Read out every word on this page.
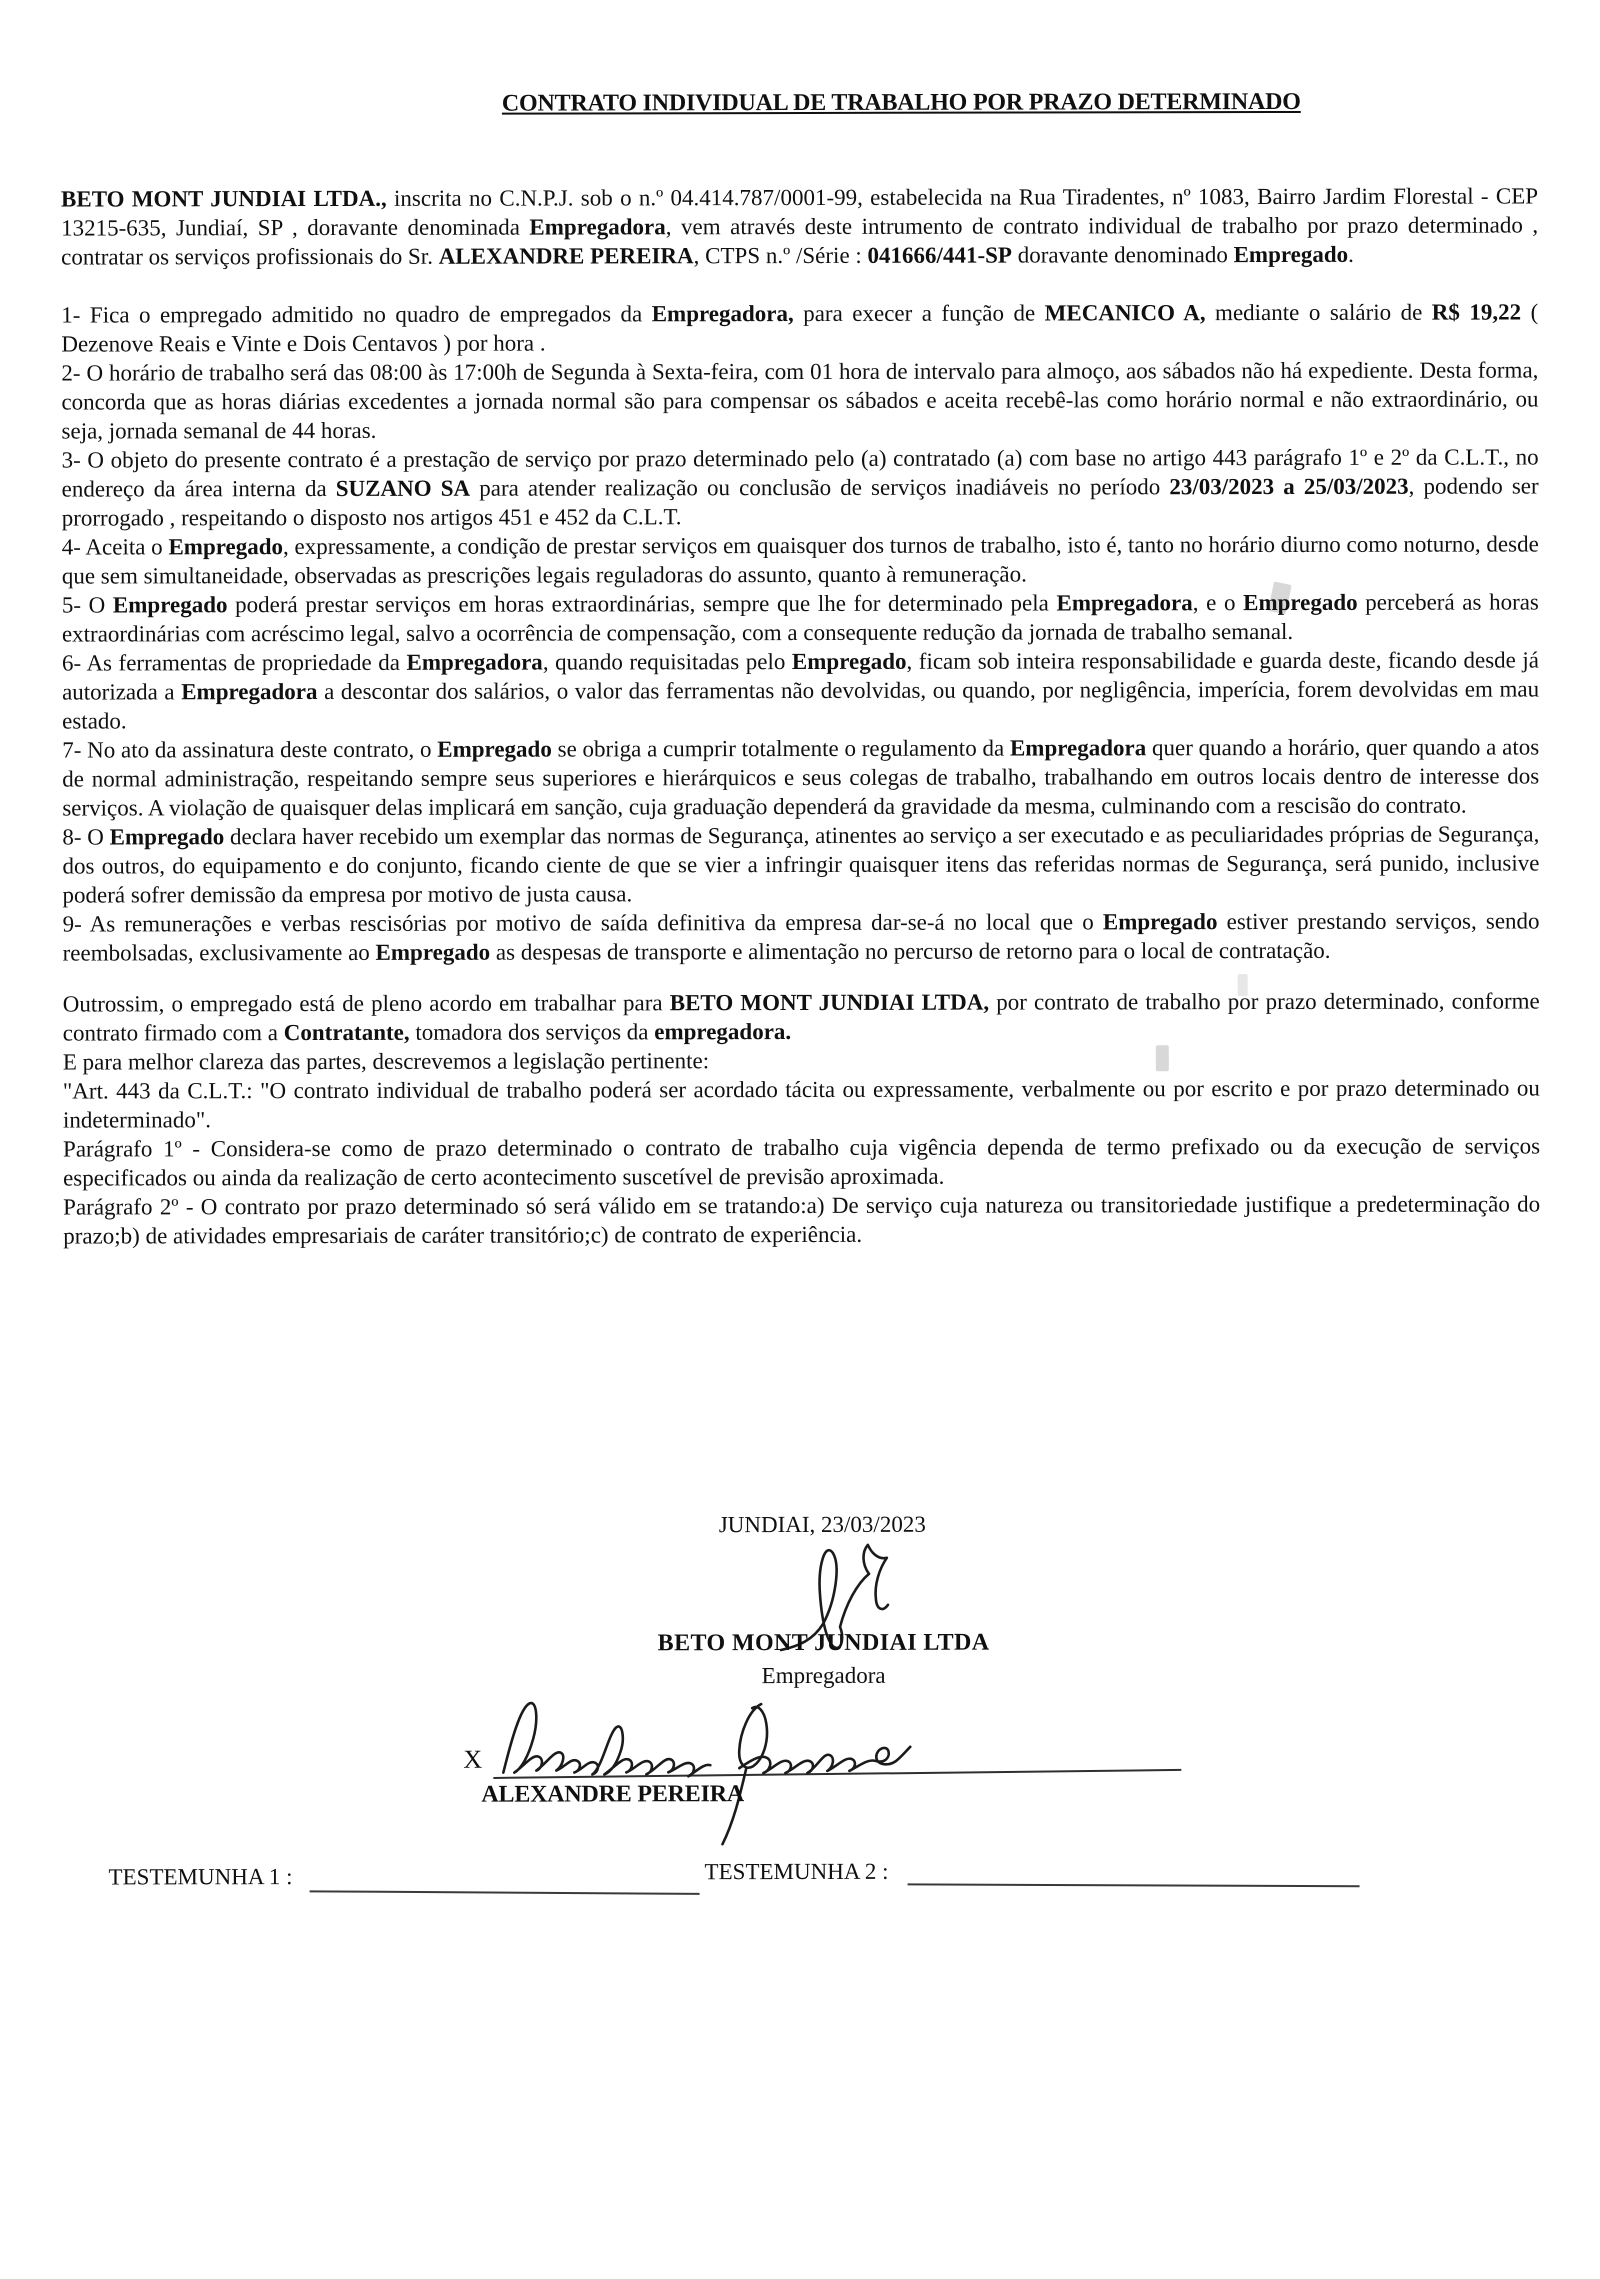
CONTRATO INDIVIDUAL DE TRABALHO POR PRAZO DETERMINADO

BETO MONT JUNDIAI LTDA., inscrita no C.N.P.J. sob o n.º 04.414.787/0001-99, estabelecida na Rua Tiradentes, nº 1083, Bairro Jardim Florestal - CEP 13215-635, Jundiaí, SP , doravante denominada Empregadora, vem através deste intrumento de contrato individual de trabalho por prazo determinado , contratar os serviços profissionais do Sr. ALEXANDRE PEREIRA, CTPS n.º /Série : 041666/441-SP doravante denominado Empregado.

1- Fica o empregado admitido no quadro de empregados da Empregadora, para execer a função de MECANICO A, mediante o salário de R$ 19,22 ( Dezenove Reais e Vinte e Dois Centavos ) por hora .

2- O horário de trabalho será das 08:00 às 17:00h de Segunda à Sexta-feira, com 01 hora de intervalo para almoço, aos sábados não há expediente. Desta forma, concorda que as horas diárias excedentes a jornada normal são para compensar os sábados e aceita recebê-las como horário normal e não extraordinário, ou seja, jornada semanal de 44 horas.

3- O objeto do presente contrato é a prestação de serviço por prazo determinado pelo (a) contratado (a) com base no artigo 443 parágrafo 1º e 2º da C.L.T., no endereço da área interna da SUZANO SA para atender realização ou conclusão de serviços inadiáveis no período 23/03/2023 a 25/03/2023, podendo ser prorrogado , respeitando o disposto nos artigos 451 e 452 da C.L.T.

4- Aceita o Empregado, expressamente, a condição de prestar serviços em quaisquer dos turnos de trabalho, isto é, tanto no horário diurno como noturno, desde que sem simultaneidade, observadas as prescrições legais reguladoras do assunto, quanto à remuneração.

5- O Empregado poderá prestar serviços em horas extraordinárias, sempre que lhe for determinado pela Empregadora, e o Empregado perceberá as horas extraordinárias com acréscimo legal, salvo a ocorrência de compensação, com a consequente redução da jornada de trabalho semanal.

6- As ferramentas de propriedade da Empregadora, quando requisitadas pelo Empregado, ficam sob inteira responsabilidade e guarda deste, ficando desde já autorizada a Empregadora a descontar dos salários, o valor das ferramentas não devolvidas, ou quando, por negligência, imperícia, forem devolvidas em mau estado.

7- No ato da assinatura deste contrato, o Empregado se obriga a cumprir totalmente o regulamento da Empregadora quer quando a horário, quer quando a atos de normal administração, respeitando sempre seus superiores e hierárquicos e seus colegas de trabalho, trabalhando em outros locais dentro de interesse dos serviços. A violação de quaisquer delas implicará em sanção, cuja graduação dependerá da gravidade da mesma, culminando com a rescisão do contrato.

8- O Empregado declara haver recebido um exemplar das normas de Segurança, atinentes ao serviço a ser executado e as peculiaridades próprias de Segurança, dos outros, do equipamento e do conjunto, ficando ciente de que se vier a infringir quaisquer itens das referidas normas de Segurança, será punido, inclusive poderá sofrer demissão da empresa por motivo de justa causa.

9- As remunerações e verbas rescisórias por motivo de saída definitiva da empresa dar-se-á no local que o Empregado estiver prestando serviços, sendo reembolsadas, exclusivamente ao Empregado as despesas de transporte e alimentação no percurso de retorno para o local de contratação.

Outrossim, o empregado está de pleno acordo em trabalhar para BETO MONT JUNDIAI LTDA, por contrato de trabalho por prazo determinado, conforme contrato firmado com a Contratante, tomadora dos serviços da empregadora.

E para melhor clareza das partes, descrevemos a legislação pertinente:

"Art. 443 da C.L.T.: "O contrato individual de trabalho poderá ser acordado tácita ou expressamente, verbalmente ou por escrito e por prazo determinado ou indeterminado".

Parágrafo 1º - Considera-se como de prazo determinado o contrato de trabalho cuja vigência dependa de termo prefixado ou da execução de serviços especificados ou ainda da realização de certo acontecimento suscetível de previsão aproximada.

Parágrafo 2º - O contrato por prazo determinado só será válido em se tratando:a) De serviço cuja natureza ou transitoriedade justifique a predeterminação do prazo;b) de atividades empresariais de caráter transitório;c) de contrato de experiência.

JUNDIAI, 23/03/2023
BETO MONT JUNDIAI LTDA
Empregadora
X
ALEXANDRE PEREIRA
TESTEMUNHA 1 :	TESTEMUNHA 2 :
